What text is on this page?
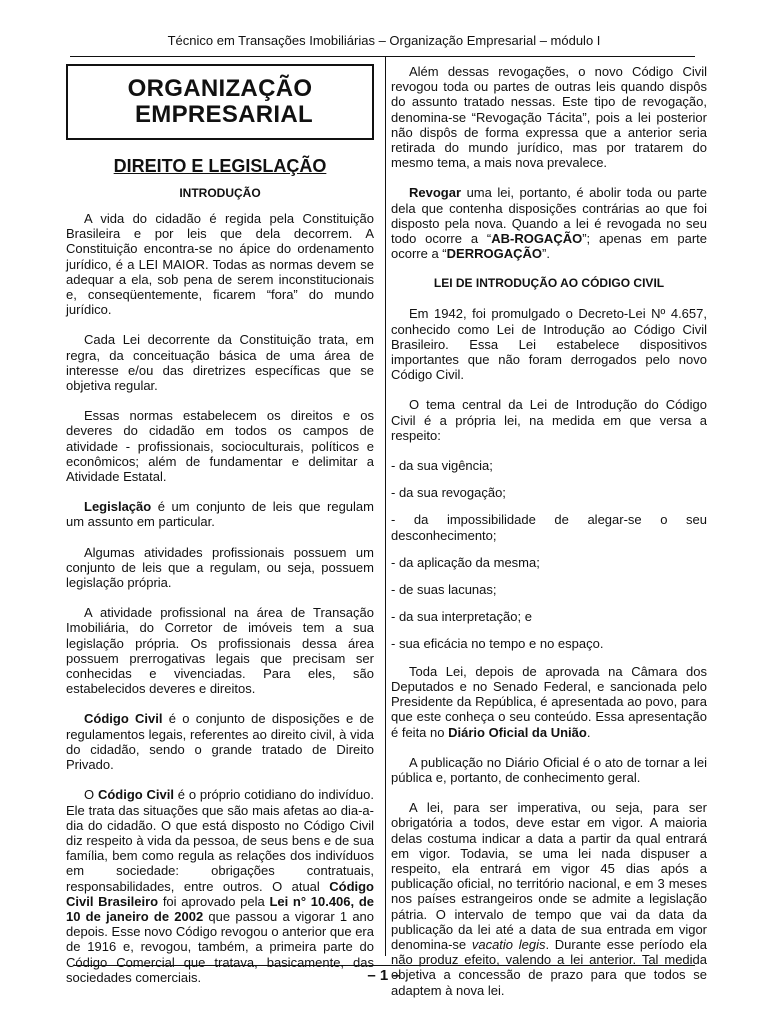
Técnico em Transações Imobiliárias – Organização Empresarial – módulo I
ORGANIZAÇÃO
EMPRESARIAL
DIREITO E LEGISLAÇÃO
INTRODUÇÃO

A vida do cidadão é regida pela Constituição Brasileira e por leis que dela decorrem. A Constituição encontra-se no ápice do ordenamento jurídico, é a LEI MAIOR. Todas as normas devem se adequar a ela, sob pena de serem inconstitucionais e, conseqüentemente, ficarem “fora” do mundo jurídico.

Cada Lei decorrente da Constituição trata, em regra, da conceituação básica de uma área de interesse e/ou das diretrizes específicas que se objetiva regular.

Essas normas estabelecem os direitos e os deveres do cidadão em todos os campos de atividade - profissionais, socioculturais, políticos e econômicos; além de fundamentar e delimitar a Atividade Estatal.

Legislação é um conjunto de leis que regulam um assunto em particular.

Algumas atividades profissionais possuem um conjunto de leis que a regulam, ou seja, possuem legislação própria.

A atividade profissional na área de Transação Imobiliária, do Corretor de imóveis tem a sua legislação própria. Os profissionais dessa área possuem prerrogativas legais que precisam ser conhecidas e vivenciadas. Para eles, são estabelecidos deveres e direitos.

Código Civil é o conjunto de disposições e de regulamentos legais, referentes ao direito civil, à vida do cidadão, sendo o grande tratado de Direito Privado.

O Código Civil é o próprio cotidiano do indivíduo. Ele trata das situações que são mais afetas ao dia-a-dia do cidadão. O que está disposto no Código Civil diz respeito à vida da pessoa, de seus bens e de sua família, bem como regula as relações dos indivíduos em sociedade: obrigações contratuais, responsabilidades, entre outros. O atual Código Civil Brasileiro foi aprovado pela Lei n° 10.406, de 10 de janeiro de 2002 que passou a vigorar 1 ano depois. Esse novo Código revogou o anterior que era de 1916 e, revogou, também, a primeira parte do Código Comercial que tratava, basicamente, das sociedades comerciais.

Além dessas revogações, o novo Código Civil revogou toda ou partes de outras leis quando dispôs do assunto tratado nessas. Este tipo de revogação, denomina-se “Revogação Tácita”, pois a lei posterior não dispôs de forma expressa que a anterior seria retirada do mundo jurídico, mas por tratarem do mesmo tema, a mais nova prevalece.

Revogar uma lei, portanto, é abolir toda ou parte dela que contenha disposições contrárias ao que foi disposto pela nova. Quando a lei é revogada no seu todo ocorre a “AB-ROGAÇÃO”; apenas em parte ocorre a “DERROGAÇÃO”.

LEI DE INTRODUÇÃO AO CÓDIGO CIVIL

Em 1942, foi promulgado o Decreto-Lei Nº 4.657, conhecido como Lei de Introdução ao Código Civil Brasileiro. Essa Lei estabelece dispositivos importantes que não foram derrogados pelo novo Código Civil.

O tema central da Lei de Introdução do Código Civil é a própria lei, na medida em que versa a respeito:

- da sua vigência;

- da sua revogação;

- da impossibilidade de alegar-se o seu desconhecimento;

- da aplicação da mesma;

- de suas lacunas;

- da sua interpretação; e

- sua eficácia no tempo e no espaço.

Toda Lei, depois de aprovada na Câmara dos Deputados e no Senado Federal, e sancionada pelo Presidente da República, é apresentada ao povo, para que este conheça o seu conteúdo. Essa apresentação é feita no Diário Oficial da União.

A publicação no Diário Oficial é o ato de tornar a lei pública e, portanto, de conhecimento geral.

A lei, para ser imperativa, ou seja, para ser obrigatória a todos, deve estar em vigor. A maioria delas costuma indicar a data a partir da qual entrará em vigor. Todavia, se uma lei nada dispuser a respeito, ela entrará em vigor 45 dias após a publicação oficial, no território nacional, e em 3 meses nos países estrangeiros onde se admite a legislação pátria. O intervalo de tempo que vai da data da publicação da lei até a data de sua entrada em vigor denomina-se vacatio legis. Durante esse período ela não produz efeito, valendo a lei anterior. Tal medida objetiva a concessão de prazo para que todos se adaptem à nova lei.

– 1 –
